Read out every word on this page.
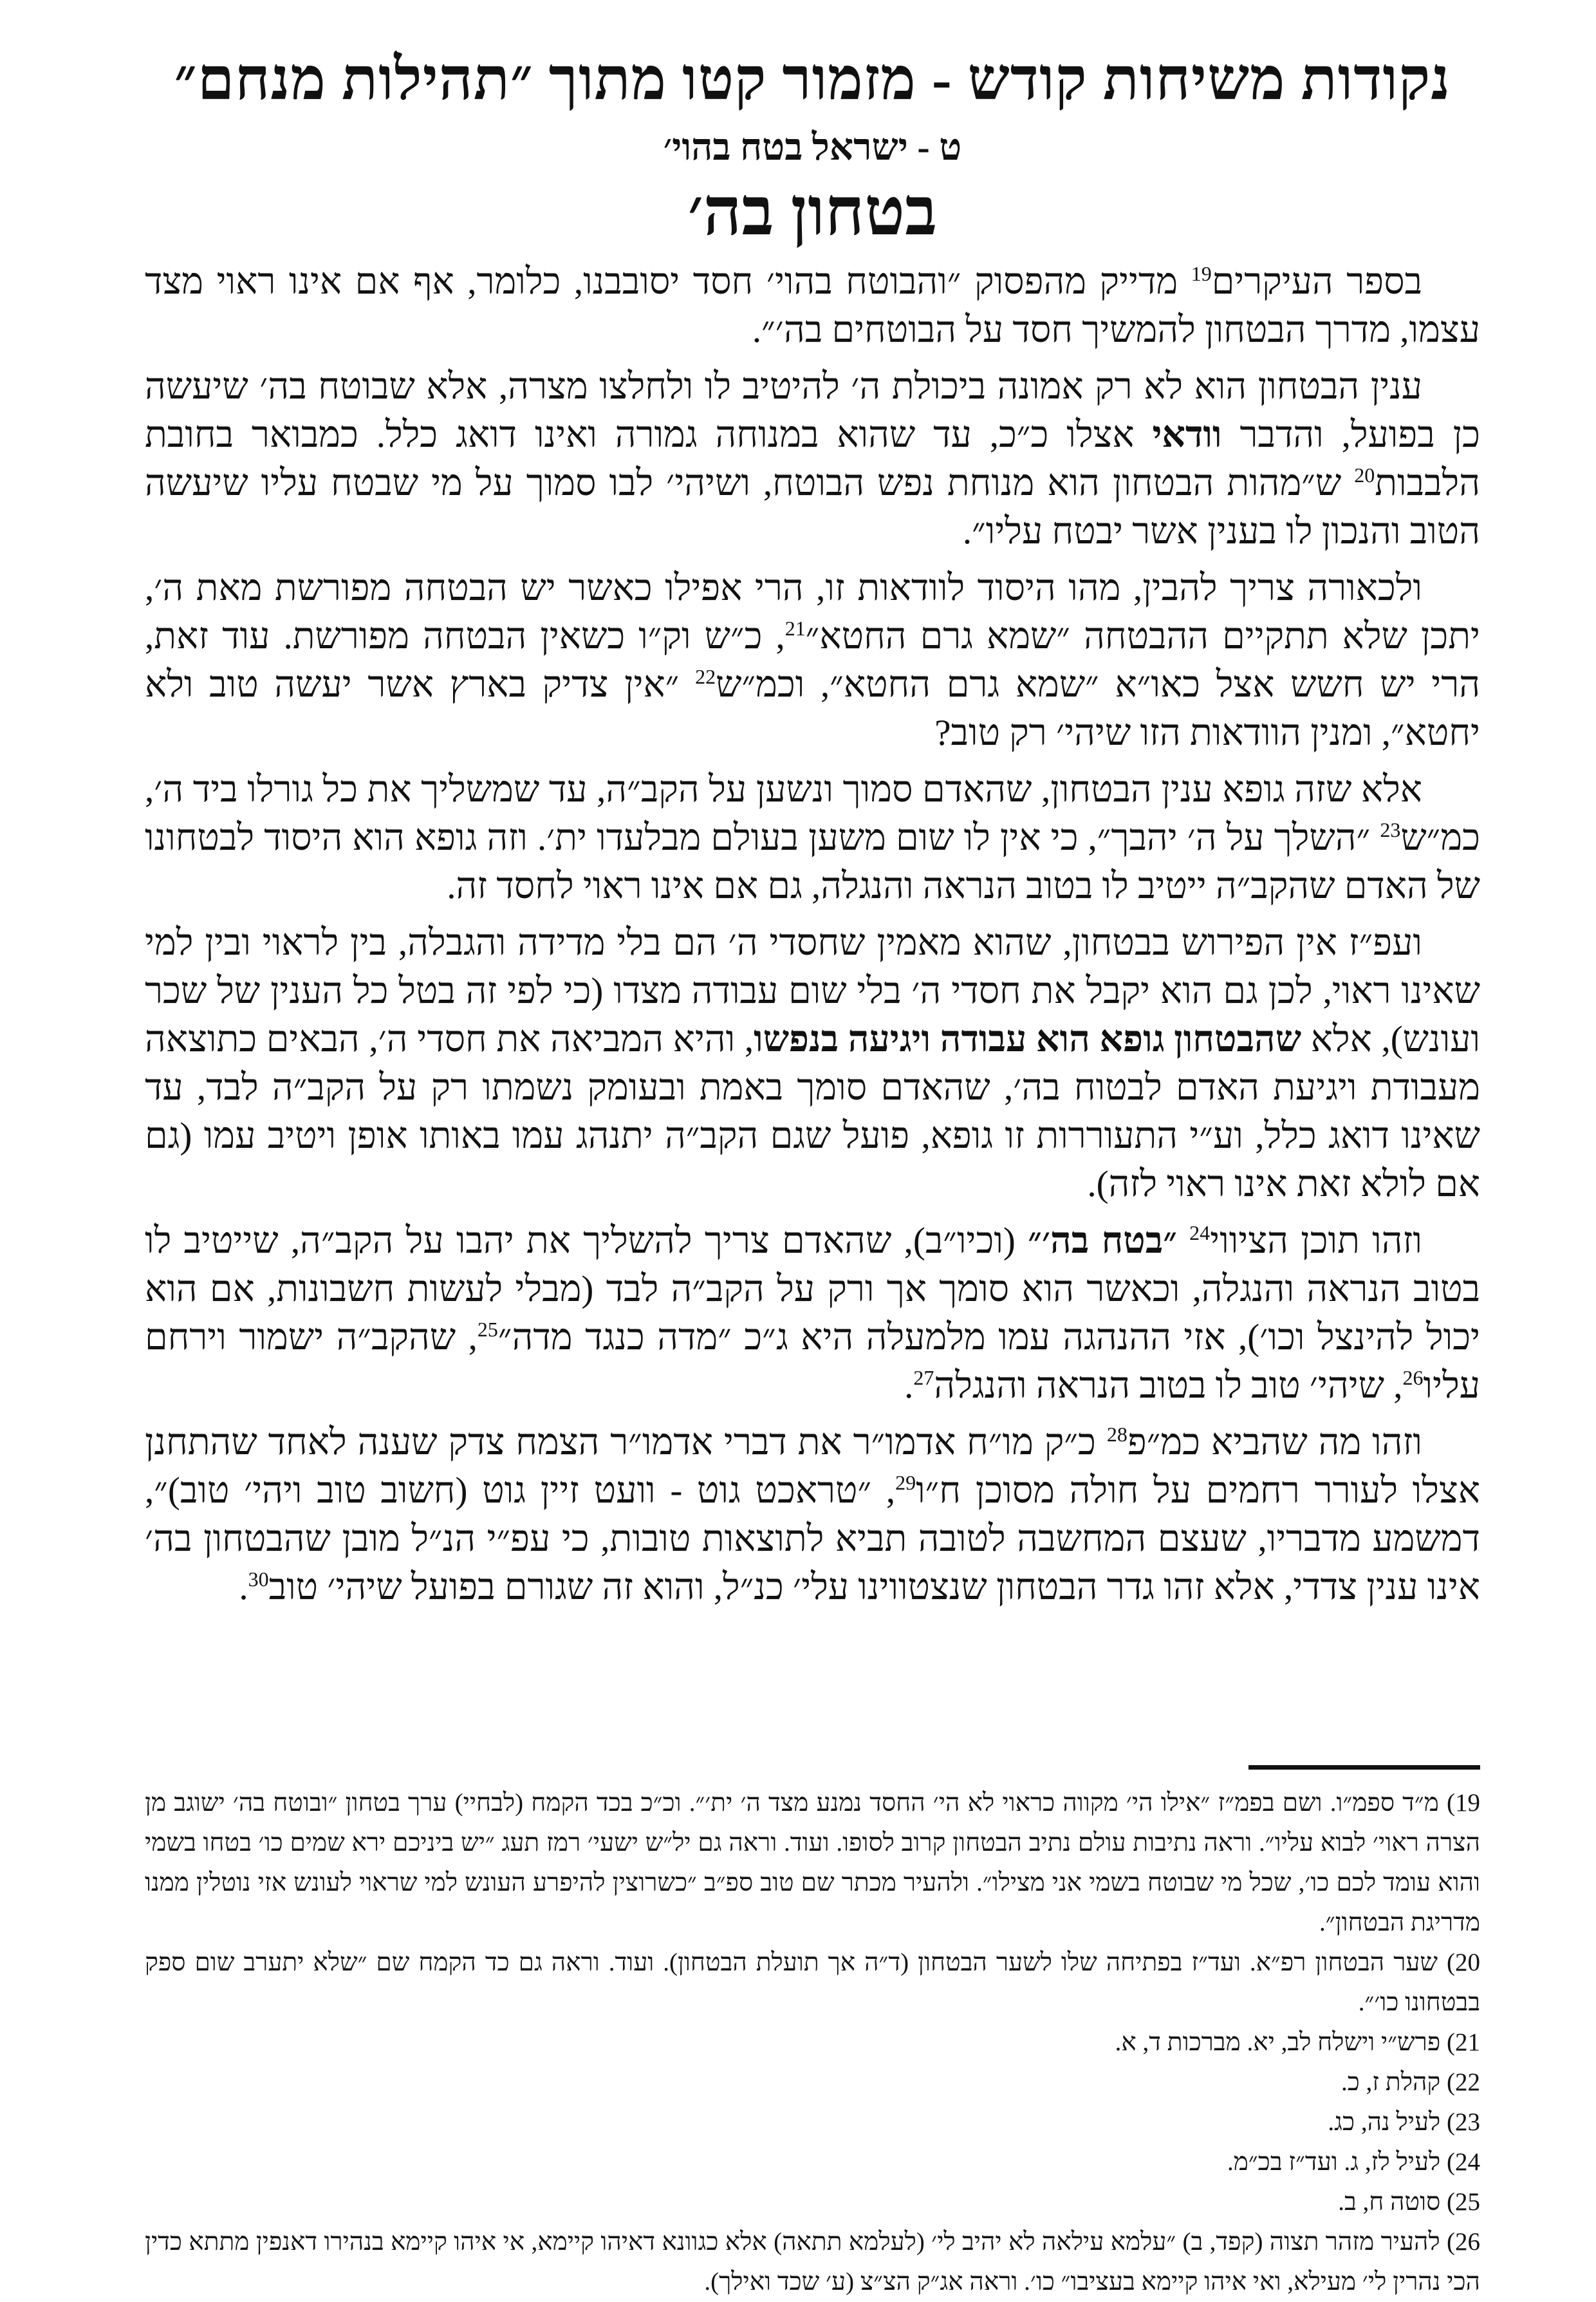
נקודות משיחות קודש - מזמור קטו מתוך ״תהילות מנחם״
ט - ישראל בטח בהוי׳
בטחון בה׳

בספר העיקרים$^{19}$ מדייק מהפסוק ״והבוטח בהוי׳ חסד יסובבנו, כלומר, אף אם אינו ראוי מצד עצמו, מדרך הבטחון להמשיך חסד על הבוטחים בה׳״.

ענין הבטחון הוא לא רק אמונה ביכולת ה׳ להיטיב לו ולחלצו מצרה, אלא שבוטח בה׳ שיעשה כן בפועל, והדבר וודאי אצלו כ״כ, עד שהוא במנוחה גמורה ואינו דואג כלל. כמבואר בחובת הלבבות$^{20}$ ש״מהות הבטחון הוא מנוחת נפש הבוטח, ושיהי׳ לבו סמוך על מי שבטח עליו שיעשה הטוב והנכון לו בענין אשר יבטח עליו״.

ולכאורה צריך להבין, מהו היסוד לוודאות זו, הרי אפילו כאשר יש הבטחה מפורשת מאת ה׳, יתכן שלא תתקיים ההבטחה ״שמא גרם החטא״$^{21}$, כ״ש וק״ו כשאין הבטחה מפורשת. עוד זאת, הרי יש חשש אצל כאו״א ״שמא גרם החטא״, וכמ״ש$^{22}$ ״אין צדיק בארץ אשר יעשה טוב ולא יחטא״, ומנין הוודאות הזו שיהי׳ רק טוב?

אלא שזה גופא ענין הבטחון, שהאדם סמוך ונשען על הקב״ה, עד שמשליך את כל גורלו ביד ה׳, כמ״ש$^{23}$ ״השלך על ה׳ יהבך״, כי אין לו שום משען בעולם מבלעדו ית׳. וזה גופא הוא היסוד לבטחונו של האדם שהקב״ה ייטיב לו בטוב הנראה והנגלה, גם אם אינו ראוי לחסד זה.

ועפ״ז אין הפירוש בבטחון, שהוא מאמין שחסדי ה׳ הם בלי מדידה והגבלה, בין לראוי ובין למי שאינו ראוי, לכן גם הוא יקבל את חסדי ה׳ בלי שום עבודה מצדו (כי לפי זה בטל כל הענין של שכר ועונש), אלא שהבטחון גופא הוא עבודה ויגיעה בנפשו, והיא המביאה את חסדי ה׳, הבאים כתוצאה מעבודת ויגיעת האדם לבטוח בה׳, שהאדם סומך באמת ובעומק נשמתו רק על הקב״ה לבד, עד שאינו דואג כלל, וע״י התעוררות זו גופא, פועל שגם הקב״ה יתנהג עמו באותו אופן ויטיב עמו (גם אם לולא זאת אינו ראוי לזה).

וזהו תוכן הציווי$^{24}$ ״בטח בה׳״ (וכיו״ב), שהאדם צריך להשליך את יהבו על הקב״ה, שייטיב לו בטוב הנראה והנגלה, וכאשר הוא סומך אך ורק על הקב״ה לבד (מבלי לעשות חשבונות, אם הוא יכול להינצל וכו׳), אזי ההנהגה עמו מלמעלה היא ג״כ ״מדה כנגד מדה״$^{25}$, שהקב״ה ישמור וירחם עליו$^{26}$, שיהי׳ טוב לו בטוב הנראה והנגלה$^{27}$.

וזהו מה שהביא כמ״פ$^{28}$ כ״ק מו״ח אדמו״ר את דברי אדמו״ר הצמח צדק שענה לאחד שהתחנן אצלו לעורר רחמים על חולה מסוכן ח״ו$^{29}$, ״טראכט גוט - וועט זיין גוט (חשוב טוב ויהי׳ טוב)״, דמשמע מדבריו, שעצם המחשבה לטובה תביא לתוצאות טובות, כי עפ״י הנ״ל מובן שהבטחון בה׳ אינו ענין צדדי, אלא זהו גדר הבטחון שנצטווינו עלי׳ כנ״ל, והוא זה שגורם בפועל שיהי׳ טוב$^{30}$.

19) מ״ד ספמ״ו. ושם בפמ״ז ״אילו הי׳ מקווה כראוי לא הי׳ החסד נמנע מצד ה׳ ית׳״. וכ״כ בכד הקמח (לבחיי) ערך בטחון ״ובוטח בה׳ ישוגב מן הצרה ראוי׳ לבוא עליו״. וראה נתיבות עולם נתיב הבטחון קרוב לסופו. ועוד. וראה גם יל״ש ישעי׳ רמז תעג ״יש ביניכם ירא שמים כו׳ בטחו בשמי והוא עומד לכם כו׳, שכל מי שבוטח בשמי אני מצילו״. ולהעיר מכתר שם טוב ספ״ב ״כשרוצין להיפרע העונש למי שראוי לעונש אזי נוטלין ממנו מדריגת הבטחון״.

20) שער הבטחון רפ״א. ועד״ז בפתיחה שלו לשער הבטחון (ד״ה אך תועלת הבטחון). ועוד. וראה גם כד הקמח שם ״שלא יתערב שום ספק בבטחונו כו׳״.

21) פרש״י וישלח לב, יא. מברכות ד, א.

22) קהלת ז, כ.

23) לעיל נה, כג.

24) לעיל לז, ג. ועד״ז בכ״מ.

25) סוטה ח, ב.

26) להעיר מזהר תצוה (קפד, ב) ״עלמא עילאה לא יהיב לי׳ (לעלמא תתאה) אלא כגוונא דאיהו קיימא, אי איהו קיימא בנהירו דאנפין מתתא כדין הכי נהרין לי׳ מעילא, ואי איהו קיימא בעציבו״ כו׳. וראה אג״ק הצ״צ (ע׳ שכד ואילך).
